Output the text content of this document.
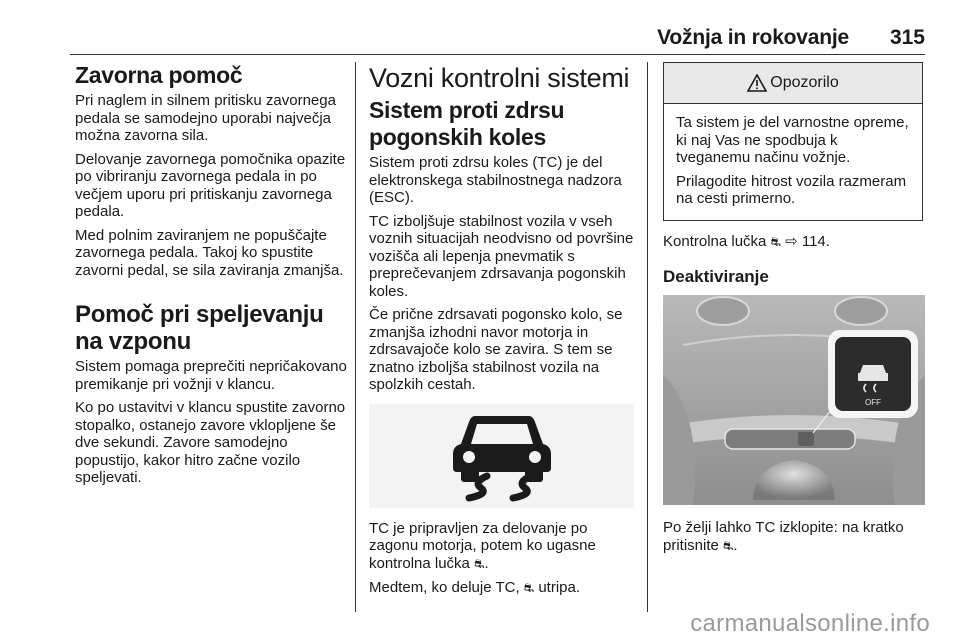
Vožnja in rokovanje 315
Zavorna pomoč

Pri naglem in silnem pritisku zavornega pedala se samodejno uporabi največja možna zavorna sila.

Delovanje zavornega pomočnika opazite po vibriranju zavornega pedala in po večjem uporu pri pritiskanju zavornega pedala.

Med polnim zaviranjem ne popuščajte zavornega pedala. Takoj ko spustite zavorni pedal, se sila zaviranja zmanjša.

Pomoč pri speljevanju na vzponu

Sistem pomaga preprečiti nepričakovano premikanje pri vožnji v klancu.

Ko po ustavitvi v klancu spustite zavorno stopalko, ostanejo zavore vklopljene še dve sekundi. Zavore samodejno popustijo, kakor hitro začne vozilo speljevati.

Vozni kontrolni sistemi
Sistem proti zdrsu pogonskih koles

Sistem proti zdrsu koles (TC) je del elektronskega stabilnostnega nadzora (ESC).

TC izboljšuje stabilnost vozila v vseh voznih situacijah neodvisno od površine vozišča ali lepenja pnevmatik s preprečevanjem zdrsavanja pogonskih koles.

Če prične zdrsavati pogonsko kolo, se zmanjša izhodni navor motorja in zdrsavajoče kolo se zavira. S tem se znatno izboljša stabilnost vozila na spolzkih cestah.

TC je pripravljen za delovanje po zagonu motorja, potem ko ugasne kontrolna lučka ⛐.

Medtem, ko deluje TC, ⛐ utripa.

Opozorilo

Ta sistem je del varnostne opreme, ki naj Vas ne spodbuja k tveganemu načinu vožnje.

Prilagodite hitrost vozila razmeram na cesti primerno.

Kontrolna lučka ⛐ ⇨ 114.

Deaktiviranje
OFF

Po želji lahko TC izklopite: na kratko pritisnite ⛐.

carmanualsonline.info
